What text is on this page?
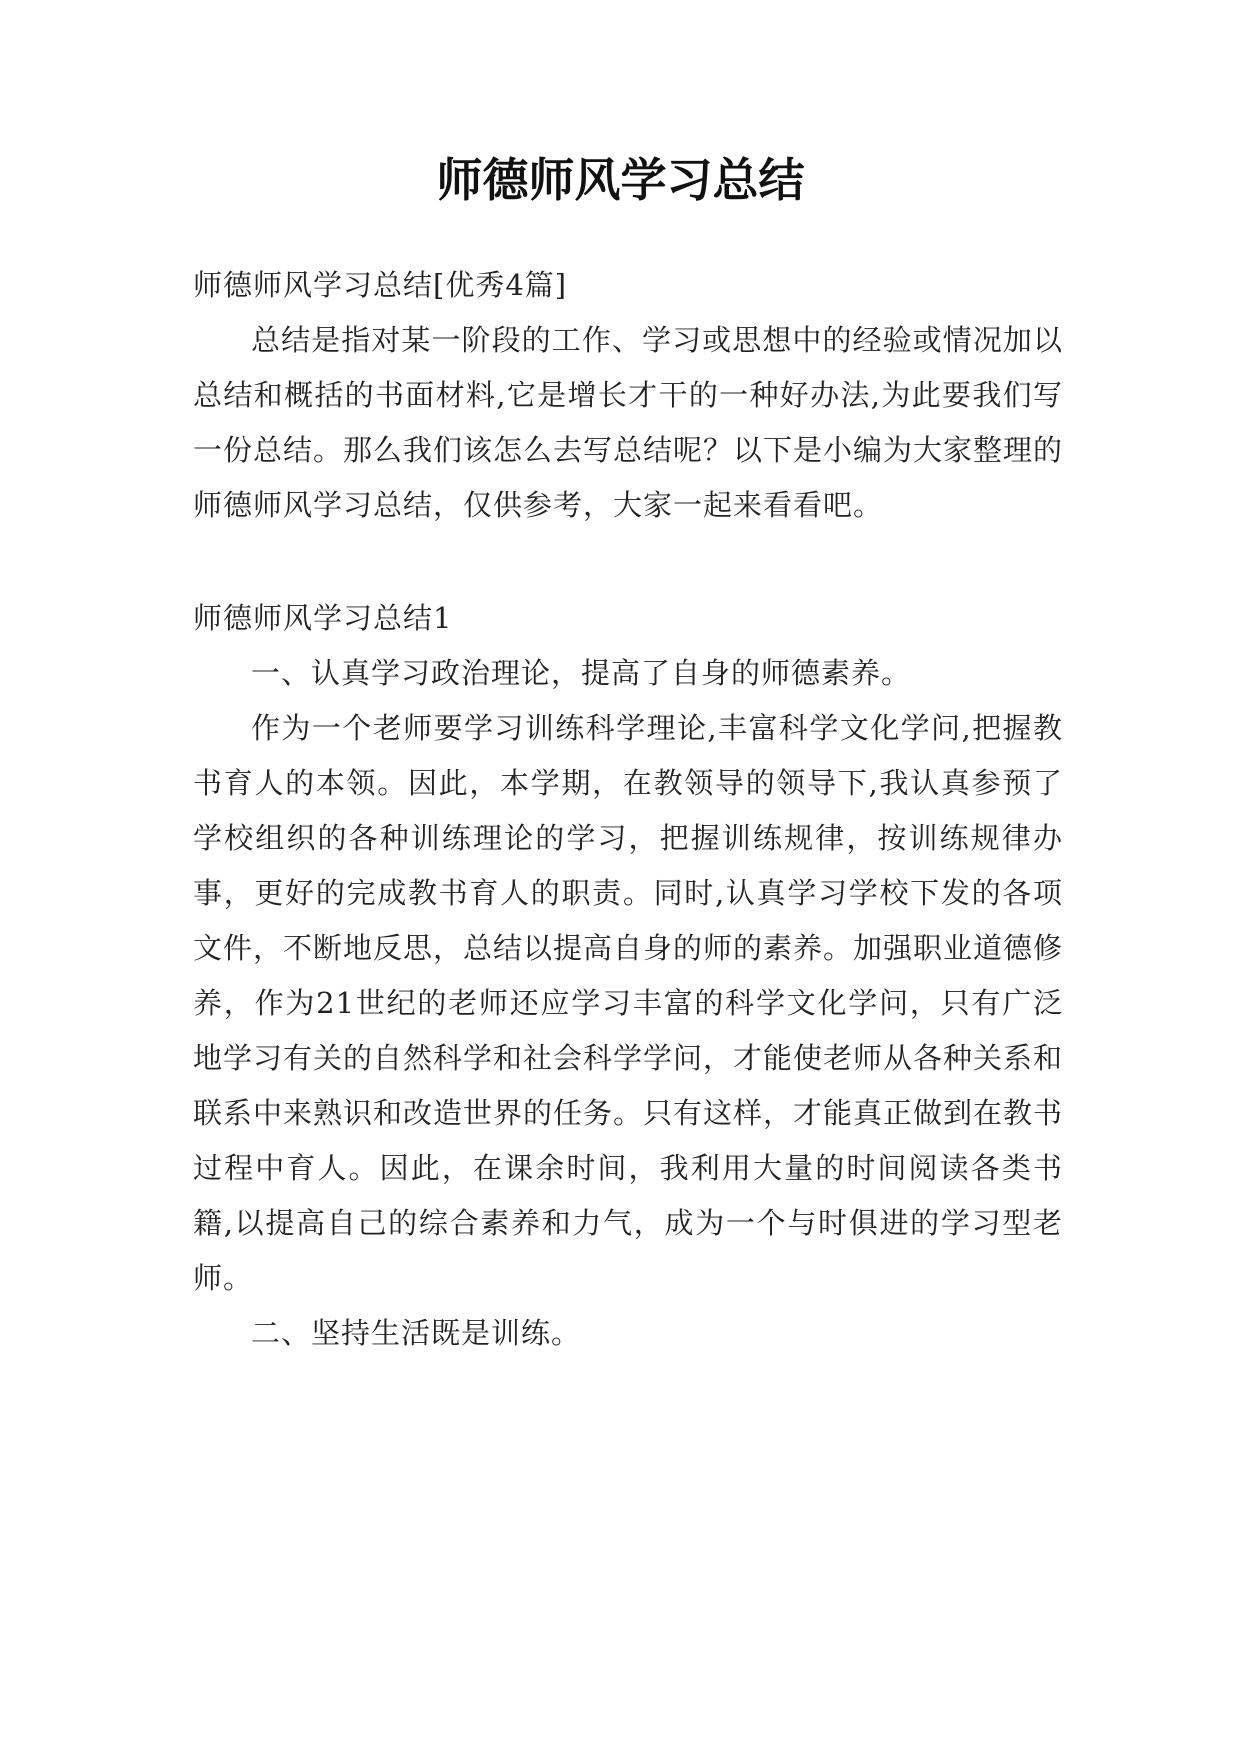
师德师风学习总结

师德师风学习总结[优秀4篇]

总结是指对某一阶段的工作、学习或思想中的经验或情况加以总结和概括的书面材料,它是增长才干的一种好办法,为此要我们写一份总结。那么我们该怎么去写总结呢？以下是小编为大家整理的师德师风学习总结，仅供参考，大家一起来看看吧。

师德师风学习总结1

一、认真学习政治理论，提高了自身的师德素养。

作为一个老师要学习训练科学理论,丰富科学文化学问,把握教书育人的本领。因此，本学期，在教领导的领导下,我认真参预了学校组织的各种训练理论的学习，把握训练规律，按训练规律办事，更好的完成教书育人的职责。同时,认真学习学校下发的各项文件，不断地反思，总结以提高自身的师的素养。加强职业道德修养，作为21世纪的老师还应学习丰富的科学文化学问，只有广泛地学习有关的自然科学和社会科学学问，才能使老师从各种关系和联系中来熟识和改造世界的任务。只有这样，才能真正做到在教书过程中育人。因此，在课余时间，我利用大量的时间阅读各类书籍,以提高自己的综合素养和力气，成为一个与时俱进的学习型老师。

二、坚持生活既是训练。
